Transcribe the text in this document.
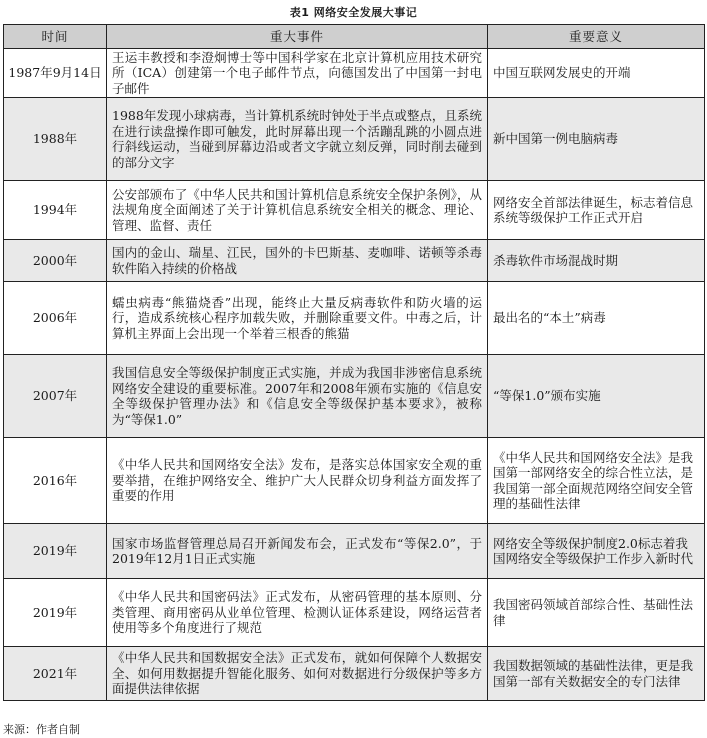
表1 网络安全发展大事记
时间	重大事件	重要意义
1987年9月14日	王运丰教授和李澄炯博士等中国科学家在北京计算机应用技术研究所（ICA）创建第一个电子邮件节点，向德国发出了中国第一封电子邮件	中国互联网发展史的开端
1988年	1988年发现小球病毒，当计算机系统时钟处于半点或整点，且系统在进行读盘操作即可触发，此时屏幕出现一个活蹦乱跳的小圆点进行斜线运动，当碰到屏幕边沿或者文字就立刻反弹，同时削去碰到的部分文字	新中国第一例电脑病毒
1994年	公安部颁布了《中华人民共和国计算机信息系统安全保护条例》，从法规角度全面阐述了关于计算机信息系统安全相关的概念、理论、管理、监督、责任	网络安全首部法律诞生，标志着信息系统等级保护工作正式开启
2000年	国内的金山、瑞星、江民，国外的卡巴斯基、麦咖啡、诺顿等杀毒软件陷入持续的价格战	杀毒软件市场混战时期
2006年	蠕虫病毒“熊猫烧香”出现，能终止大量反病毒软件和防火墙的运行，造成系统核心程序加载失败，并删除重要文件。中毒之后，计算机主界面上会出现一个举着三根香的熊猫	最出名的“本土”病毒
2007年	我国信息安全等级保护制度正式实施，并成为我国非涉密信息系统网络安全建设的重要标准。2007年和2008年颁布实施的《信息安全等级保护管理办法》和《信息安全等级保护基本要求》，被称为“等保1.0”	“等保1.0”颁布实施
2016年	《中华人民共和国网络安全法》发布，是落实总体国家安全观的重要举措，在维护网络安全、维护广大人民群众切身利益方面发挥了重要的作用	《中华人民共和国网络安全法》是我国第一部网络安全的综合性立法，是我国第一部全面规范网络空间安全管理的基础性法律
2019年	国家市场监督管理总局召开新闻发布会，正式发布“等保2.0”，于2019年12月1日正式实施	网络安全等级保护制度2.0标志着我国网络安全等级保护工作步入新时代
2019年	《中华人民共和国密码法》正式发布，从密码管理的基本原则、分类管理、商用密码从业单位管理、检测认证体系建设，网络运营者使用等多个角度进行了规范	我国密码领域首部综合性、基础性法律
2021年	《中华人民共和国数据安全法》正式发布，就如何保障个人数据安全、如何用数据提升智能化服务、如何对数据进行分级保护等多方面提供法律依据	我国数据领域的基础性法律，更是我国第一部有关数据安全的专门法律
来源：作者自制
